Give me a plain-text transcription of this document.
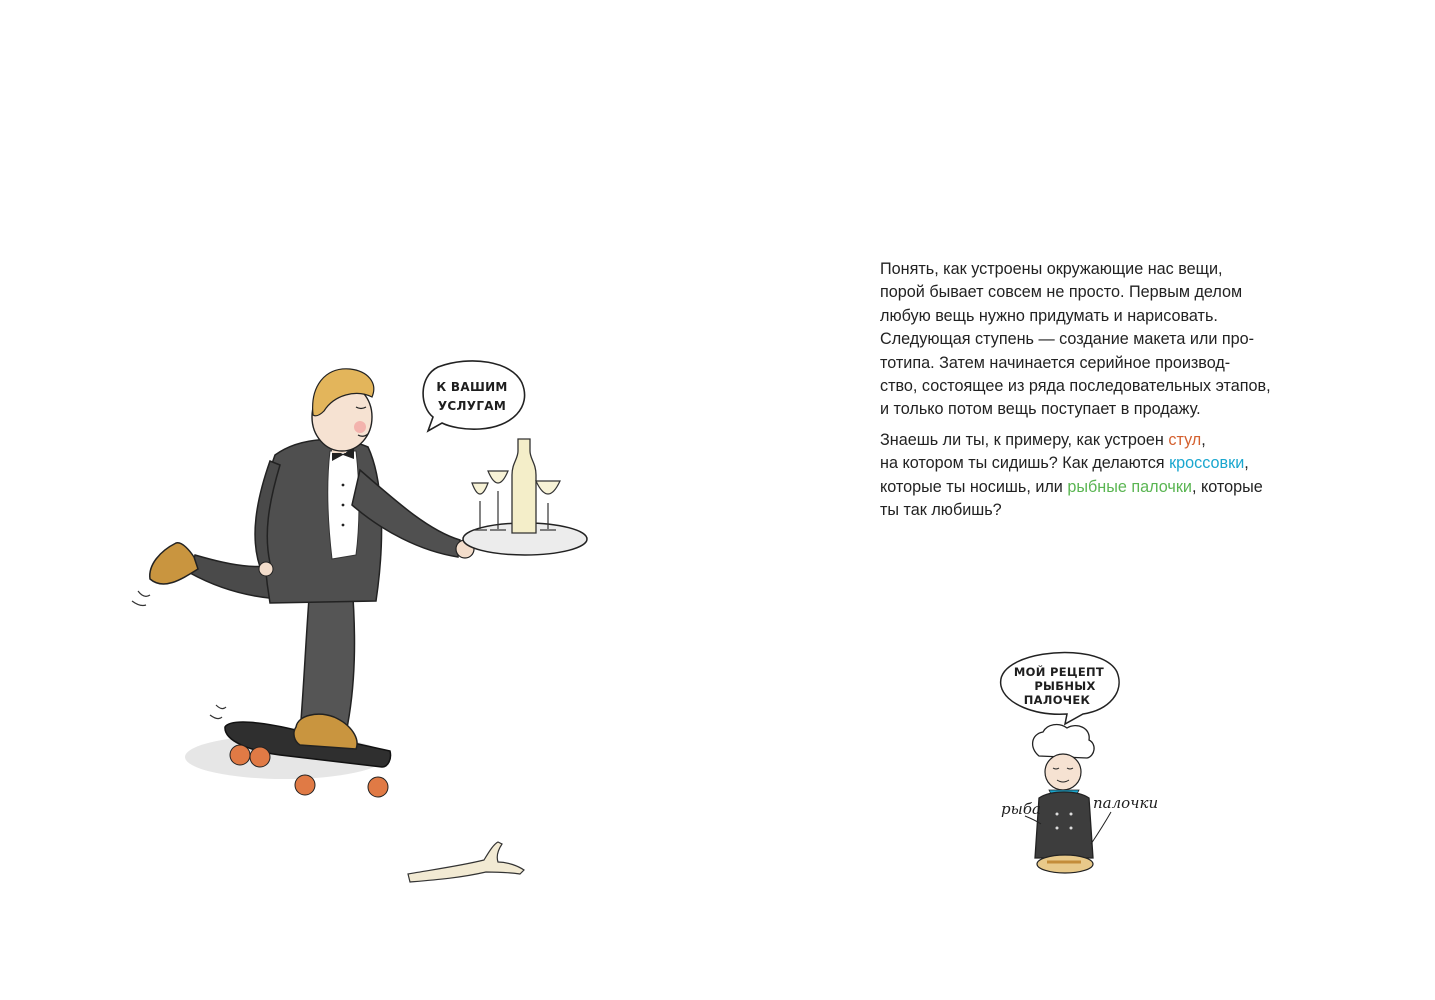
Понять, как устроены окружающие нас вещи,
порой бывает совсем не просто. Первым делом
любую вещь нужно придумать и нарисовать.
Следующая ступень — создание макета или про-
тотипа. Затем начинается серийное производ-
ство, состоящее из ряда последовательных этапов,
и только потом вещь поступает в продажу.

Знаешь ли ты, к примеру, как устроен стул,
на котором ты сидишь? Как делаются кроссовки,
которые ты носишь, или рыбные палочки, которые
ты так любишь?

К ВАШИМ
УСЛУГАМ
МОЙ РЕЦЕПТ
РЫБНЫХ
ПАЛОЧЕК
рыба	палочки
